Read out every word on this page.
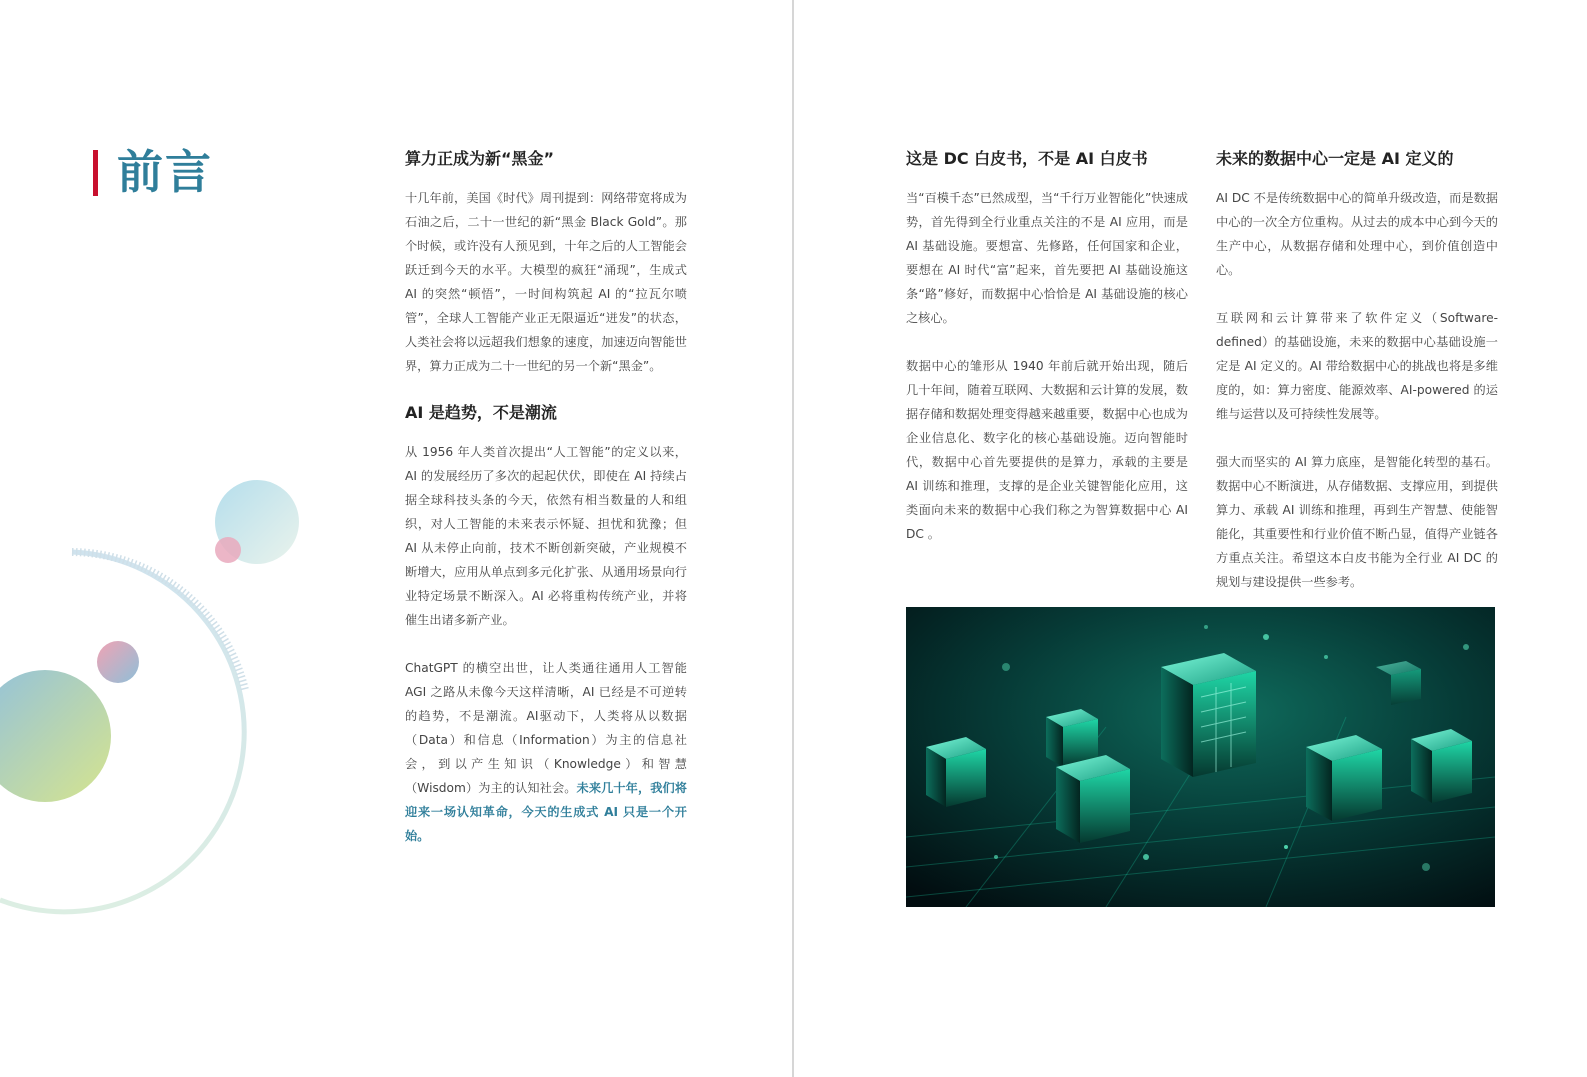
前言	算力正成为新“黑金”

十几年前，美国《时代》周刊提到：网络带宽将成为石油之后，二十一世纪的新“黑金 Black Gold”。那个时候，或许没有人预见到，十年之后的人工智能会跃迁到今天的水平。大模型的疯狂“涌现”，生成式 AI 的突然“顿悟”，一时间构筑起 AI 的“拉瓦尔喷管”，全球人工智能产业正无限逼近“迸发”的状态，人类社会将以远超我们想象的速度，加速迈向智能世界，算力正成为二十一世纪的另一个新“黑金”。

AI 是趋势，不是潮流

从 1956 年人类首次提出“人工智能”的定义以来，AI 的发展经历了多次的起起伏伏，即使在 AI 持续占据全球科技头条的今天，依然有相当数量的人和组织，对人工智能的未来表示怀疑、担忧和犹豫；但 AI 从未停止向前，技术不断创新突破，产业规模不断增大，应用从单点到多元化扩张、从通用场景向行业特定场景不断深入。AI 必将重构传统产业，并将催生出诸多新产业。

ChatGPT 的横空出世，让人类通往通用人工智能 AGI 之路从未像今天这样清晰，AI 已经是不可逆转的趋势，不是潮流。AI驱动下，人类将从以数据（Data）和信息（Information）为主的信息社会，到以产生知识（Knowledge）和智慧（Wisdom）为主的认知社会。未来几十年，我们将迎来一场认知革命，今天的生成式 AI 只是一个开始。

这是 DC 白皮书，不是 AI 白皮书

当“百模千态”已然成型，当“千行万业智能化”快速成势，首先得到全行业重点关注的不是 AI 应用，而是 AI 基础设施。要想富、先修路，任何国家和企业，要想在 AI 时代“富”起来，首先要把 AI 基础设施这条“路”修好，而数据中心恰恰是 AI 基础设施的核心之核心。

数据中心的雏形从 1940 年前后就开始出现，随后几十年间，随着互联网、大数据和云计算的发展，数据存储和数据处理变得越来越重要，数据中心也成为企业信息化、数字化的核心基础设施。迈向智能时代，数据中心首先要提供的是算力，承载的主要是 AI 训练和推理，支撑的是企业关键智能化应用，这类面向未来的数据中心我们称之为智算数据中心 AI DC 。

未来的数据中心一定是 AI 定义的

AI DC 不是传统数据中心的简单升级改造，而是数据中心的一次全方位重构。从过去的成本中心到今天的生产中心，从数据存储和处理中心，到价值创造中心。

互联网和云计算带来了软件定义（Software-defined）的基础设施，未来的数据中心基础设施一定是 AI 定义的。AI 带给数据中心的挑战也将是多维度的，如：算力密度、能源效率、AI-powered 的运维与运营以及可持续性发展等。

强大而坚实的 AI 算力底座，是智能化转型的基石。数据中心不断演进，从存储数据、支撑应用，到提供算力、承载 AI 训练和推理，再到生产智慧、使能智能化，其重要性和行业价值不断凸显，值得产业链各方重点关注。希望这本白皮书能为全行业 AI DC 的规划与建设提供一些参考。
